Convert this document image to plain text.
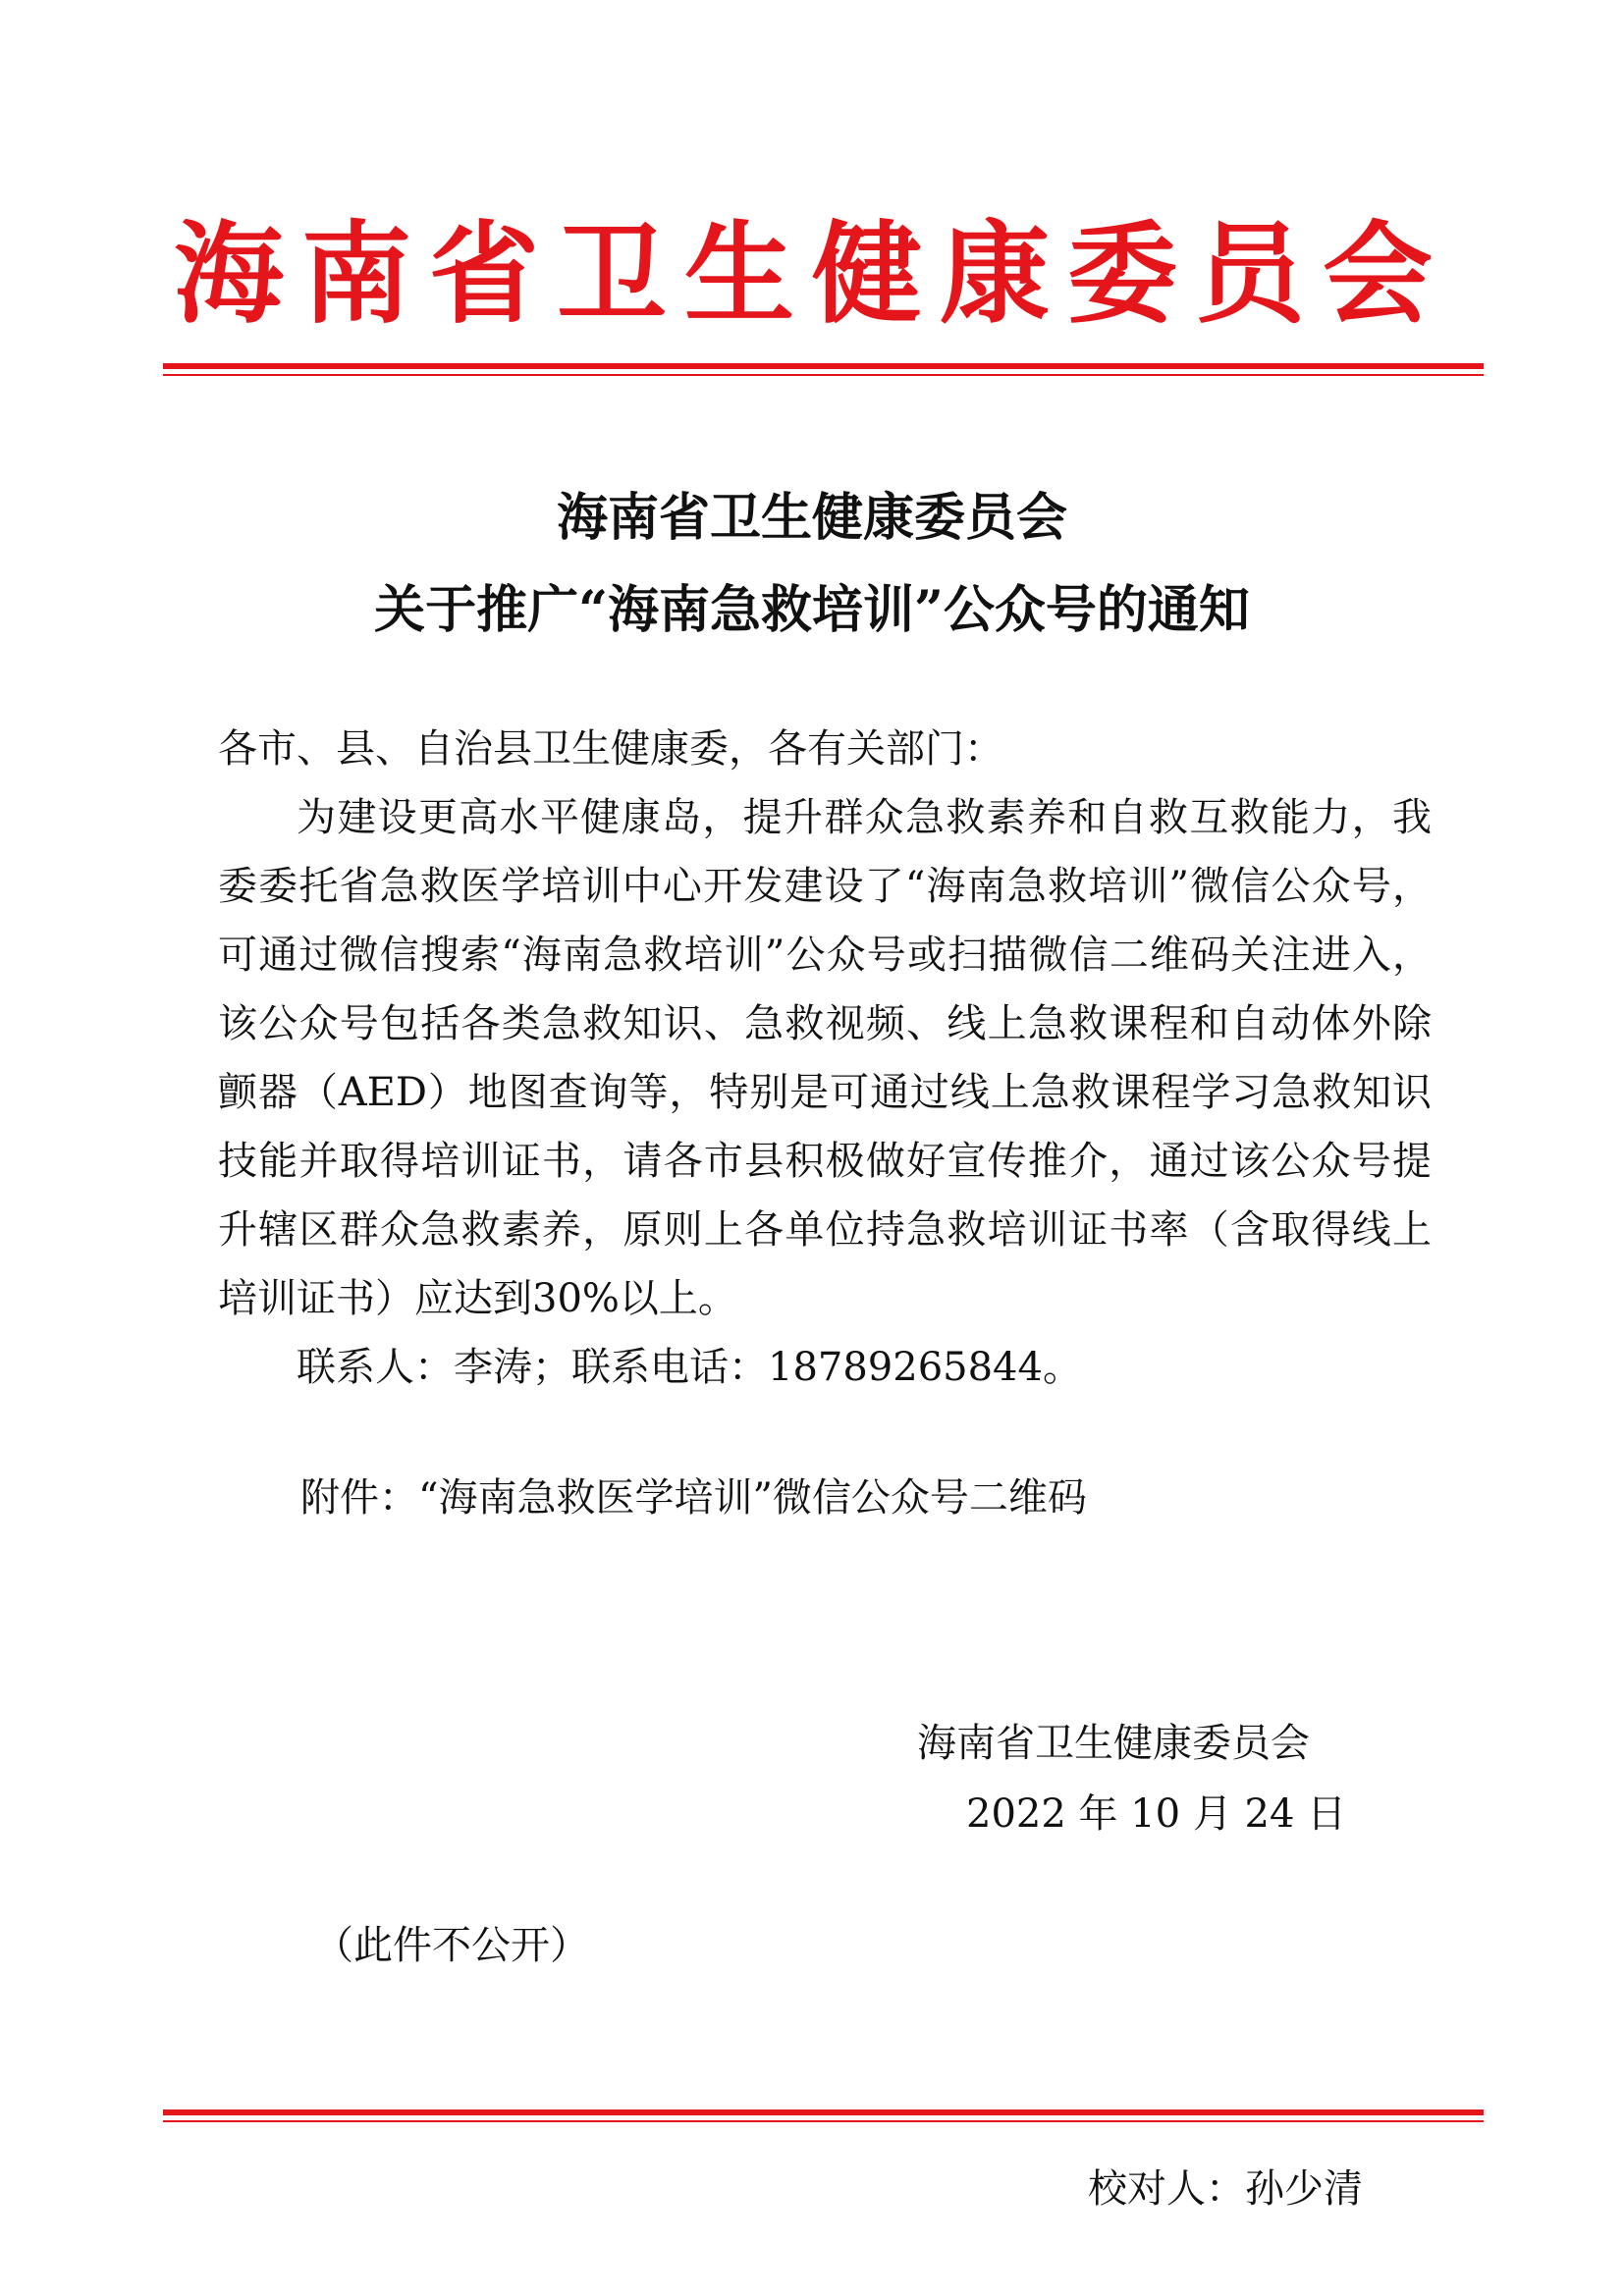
海南省卫生健康委员会
海南省卫生健康委员会
关于推广“海南急救培训”公众号的通知

各市、县、自治县卫生健康委，各有关部门：

为建设更高水平健康岛，提升群众急救素养和自救互救能力，我委委托省急救医学培训中心开发建设了“海南急救培训”微信公众号，可通过微信搜索“海南急救培训”公众号或扫描微信二维码关注进入，该公众号包括各类急救知识、急救视频、线上急救课程和自动体外除颤器（AED）地图查询等，特别是可通过线上急救课程学习急救知识技能并取得培训证书，请各市县积极做好宣传推介，通过该公众号提升辖区群众急救素养，原则上各单位持急救培训证书率（含取得线上培训证书）应达到30%以上。

联系人：李涛；联系电话：18789265844。

附件：“海南急救医学培训”微信公众号二维码
海南省卫生健康委员会
2022 年 10 月 24 日
（此件不公开）
校对人：孙少清
